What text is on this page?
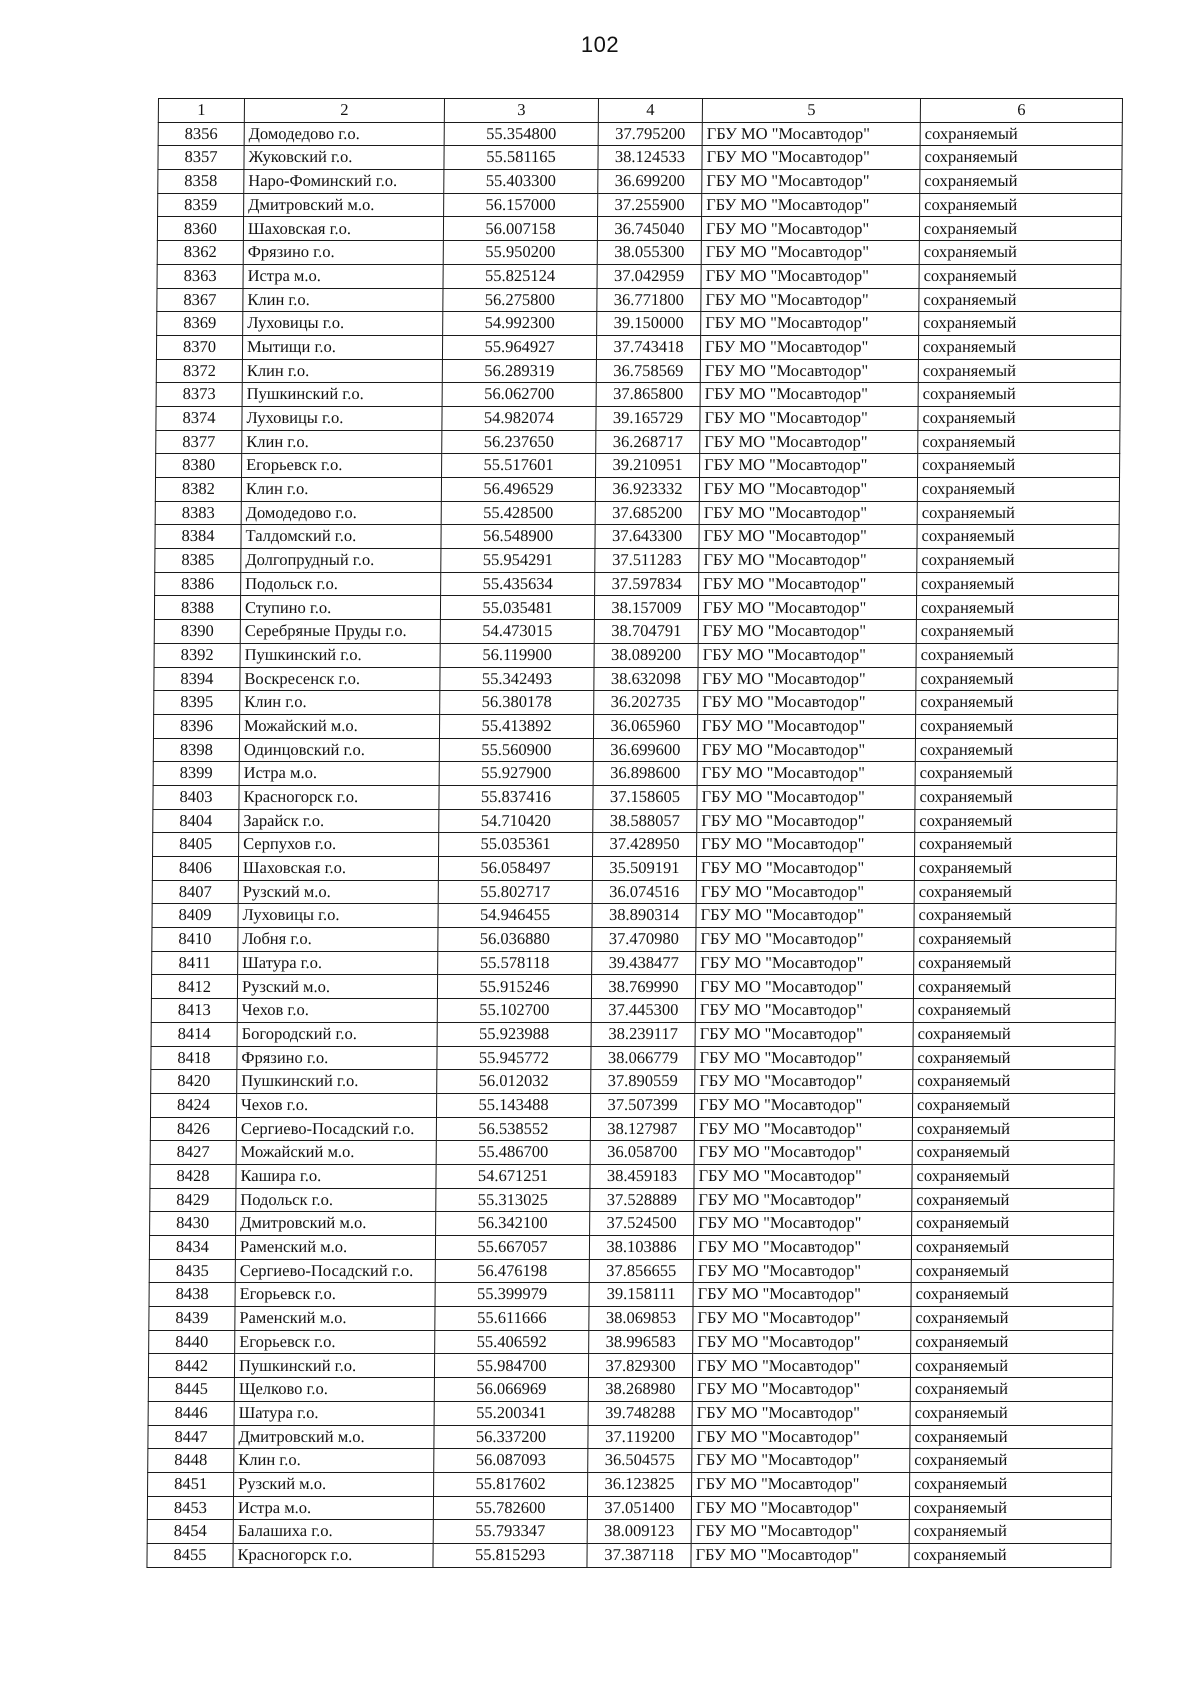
102
1	2	3	4	5	6
8356	Домодедово г.о.	55.354800	37.795200	ГБУ МО "Мосавтодор"	сохраняемый
8357	Жуковский г.о.	55.581165	38.124533	ГБУ МО "Мосавтодор"	сохраняемый
8358	Наро-Фоминский г.о.	55.403300	36.699200	ГБУ МО "Мосавтодор"	сохраняемый
8359	Дмитровский м.о.	56.157000	37.255900	ГБУ МО "Мосавтодор"	сохраняемый
8360	Шаховская г.о.	56.007158	36.745040	ГБУ МО "Мосавтодор"	сохраняемый
8362	Фрязино г.о.	55.950200	38.055300	ГБУ МО "Мосавтодор"	сохраняемый
8363	Истра м.о.	55.825124	37.042959	ГБУ МО "Мосавтодор"	сохраняемый
8367	Клин г.о.	56.275800	36.771800	ГБУ МО "Мосавтодор"	сохраняемый
8369	Луховицы г.о.	54.992300	39.150000	ГБУ МО "Мосавтодор"	сохраняемый
8370	Мытищи г.о.	55.964927	37.743418	ГБУ МО "Мосавтодор"	сохраняемый
8372	Клин г.о.	56.289319	36.758569	ГБУ МО "Мосавтодор"	сохраняемый
8373	Пушкинский г.о.	56.062700	37.865800	ГБУ МО "Мосавтодор"	сохраняемый
8374	Луховицы г.о.	54.982074	39.165729	ГБУ МО "Мосавтодор"	сохраняемый
8377	Клин г.о.	56.237650	36.268717	ГБУ МО "Мосавтодор"	сохраняемый
8380	Егорьевск г.о.	55.517601	39.210951	ГБУ МО "Мосавтодор"	сохраняемый
8382	Клин г.о.	56.496529	36.923332	ГБУ МО "Мосавтодор"	сохраняемый
8383	Домодедово г.о.	55.428500	37.685200	ГБУ МО "Мосавтодор"	сохраняемый
8384	Талдомский г.о.	56.548900	37.643300	ГБУ МО "Мосавтодор"	сохраняемый
8385	Долгопрудный г.о.	55.954291	37.511283	ГБУ МО "Мосавтодор"	сохраняемый
8386	Подольск г.о.	55.435634	37.597834	ГБУ МО "Мосавтодор"	сохраняемый
8388	Ступино г.о.	55.035481	38.157009	ГБУ МО "Мосавтодор"	сохраняемый
8390	Серебряные Пруды г.о.	54.473015	38.704791	ГБУ МО "Мосавтодор"	сохраняемый
8392	Пушкинский г.о.	56.119900	38.089200	ГБУ МО "Мосавтодор"	сохраняемый
8394	Воскресенск г.о.	55.342493	38.632098	ГБУ МО "Мосавтодор"	сохраняемый
8395	Клин г.о.	56.380178	36.202735	ГБУ МО "Мосавтодор"	сохраняемый
8396	Можайский м.о.	55.413892	36.065960	ГБУ МО "Мосавтодор"	сохраняемый
8398	Одинцовский г.о.	55.560900	36.699600	ГБУ МО "Мосавтодор"	сохраняемый
8399	Истра м.о.	55.927900	36.898600	ГБУ МО "Мосавтодор"	сохраняемый
8403	Красногорск г.о.	55.837416	37.158605	ГБУ МО "Мосавтодор"	сохраняемый
8404	Зарайск г.о.	54.710420	38.588057	ГБУ МО "Мосавтодор"	сохраняемый
8405	Серпухов г.о.	55.035361	37.428950	ГБУ МО "Мосавтодор"	сохраняемый
8406	Шаховская г.о.	56.058497	35.509191	ГБУ МО "Мосавтодор"	сохраняемый
8407	Рузский м.о.	55.802717	36.074516	ГБУ МО "Мосавтодор"	сохраняемый
8409	Луховицы г.о.	54.946455	38.890314	ГБУ МО "Мосавтодор"	сохраняемый
8410	Лобня г.о.	56.036880	37.470980	ГБУ МО "Мосавтодор"	сохраняемый
8411	Шатура г.о.	55.578118	39.438477	ГБУ МО "Мосавтодор"	сохраняемый
8412	Рузский м.о.	55.915246	38.769990	ГБУ МО "Мосавтодор"	сохраняемый
8413	Чехов г.о.	55.102700	37.445300	ГБУ МО "Мосавтодор"	сохраняемый
8414	Богородский г.о.	55.923988	38.239117	ГБУ МО "Мосавтодор"	сохраняемый
8418	Фрязино г.о.	55.945772	38.066779	ГБУ МО "Мосавтодор"	сохраняемый
8420	Пушкинский г.о.	56.012032	37.890559	ГБУ МО "Мосавтодор"	сохраняемый
8424	Чехов г.о.	55.143488	37.507399	ГБУ МО "Мосавтодор"	сохраняемый
8426	Сергиево-Посадский г.о.	56.538552	38.127987	ГБУ МО "Мосавтодор"	сохраняемый
8427	Можайский м.о.	55.486700	36.058700	ГБУ МО "Мосавтодор"	сохраняемый
8428	Кашира г.о.	54.671251	38.459183	ГБУ МО "Мосавтодор"	сохраняемый
8429	Подольск г.о.	55.313025	37.528889	ГБУ МО "Мосавтодор"	сохраняемый
8430	Дмитровский м.о.	56.342100	37.524500	ГБУ МО "Мосавтодор"	сохраняемый
8434	Раменский м.о.	55.667057	38.103886	ГБУ МО "Мосавтодор"	сохраняемый
8435	Сергиево-Посадский г.о.	56.476198	37.856655	ГБУ МО "Мосавтодор"	сохраняемый
8438	Егорьевск г.о.	55.399979	39.158111	ГБУ МО "Мосавтодор"	сохраняемый
8439	Раменский м.о.	55.611666	38.069853	ГБУ МО "Мосавтодор"	сохраняемый
8440	Егорьевск г.о.	55.406592	38.996583	ГБУ МО "Мосавтодор"	сохраняемый
8442	Пушкинский г.о.	55.984700	37.829300	ГБУ МО "Мосавтодор"	сохраняемый
8445	Щелково г.о.	56.066969	38.268980	ГБУ МО "Мосавтодор"	сохраняемый
8446	Шатура г.о.	55.200341	39.748288	ГБУ МО "Мосавтодор"	сохраняемый
8447	Дмитровский м.о.	56.337200	37.119200	ГБУ МО "Мосавтодор"	сохраняемый
8448	Клин г.о.	56.087093	36.504575	ГБУ МО "Мосавтодор"	сохраняемый
8451	Рузский м.о.	55.817602	36.123825	ГБУ МО "Мосавтодор"	сохраняемый
8453	Истра м.о.	55.782600	37.051400	ГБУ МО "Мосавтодор"	сохраняемый
8454	Балашиха г.о.	55.793347	38.009123	ГБУ МО "Мосавтодор"	сохраняемый
8455	Красногорск г.о.	55.815293	37.387118	ГБУ МО "Мосавтодор"	сохраняемый
